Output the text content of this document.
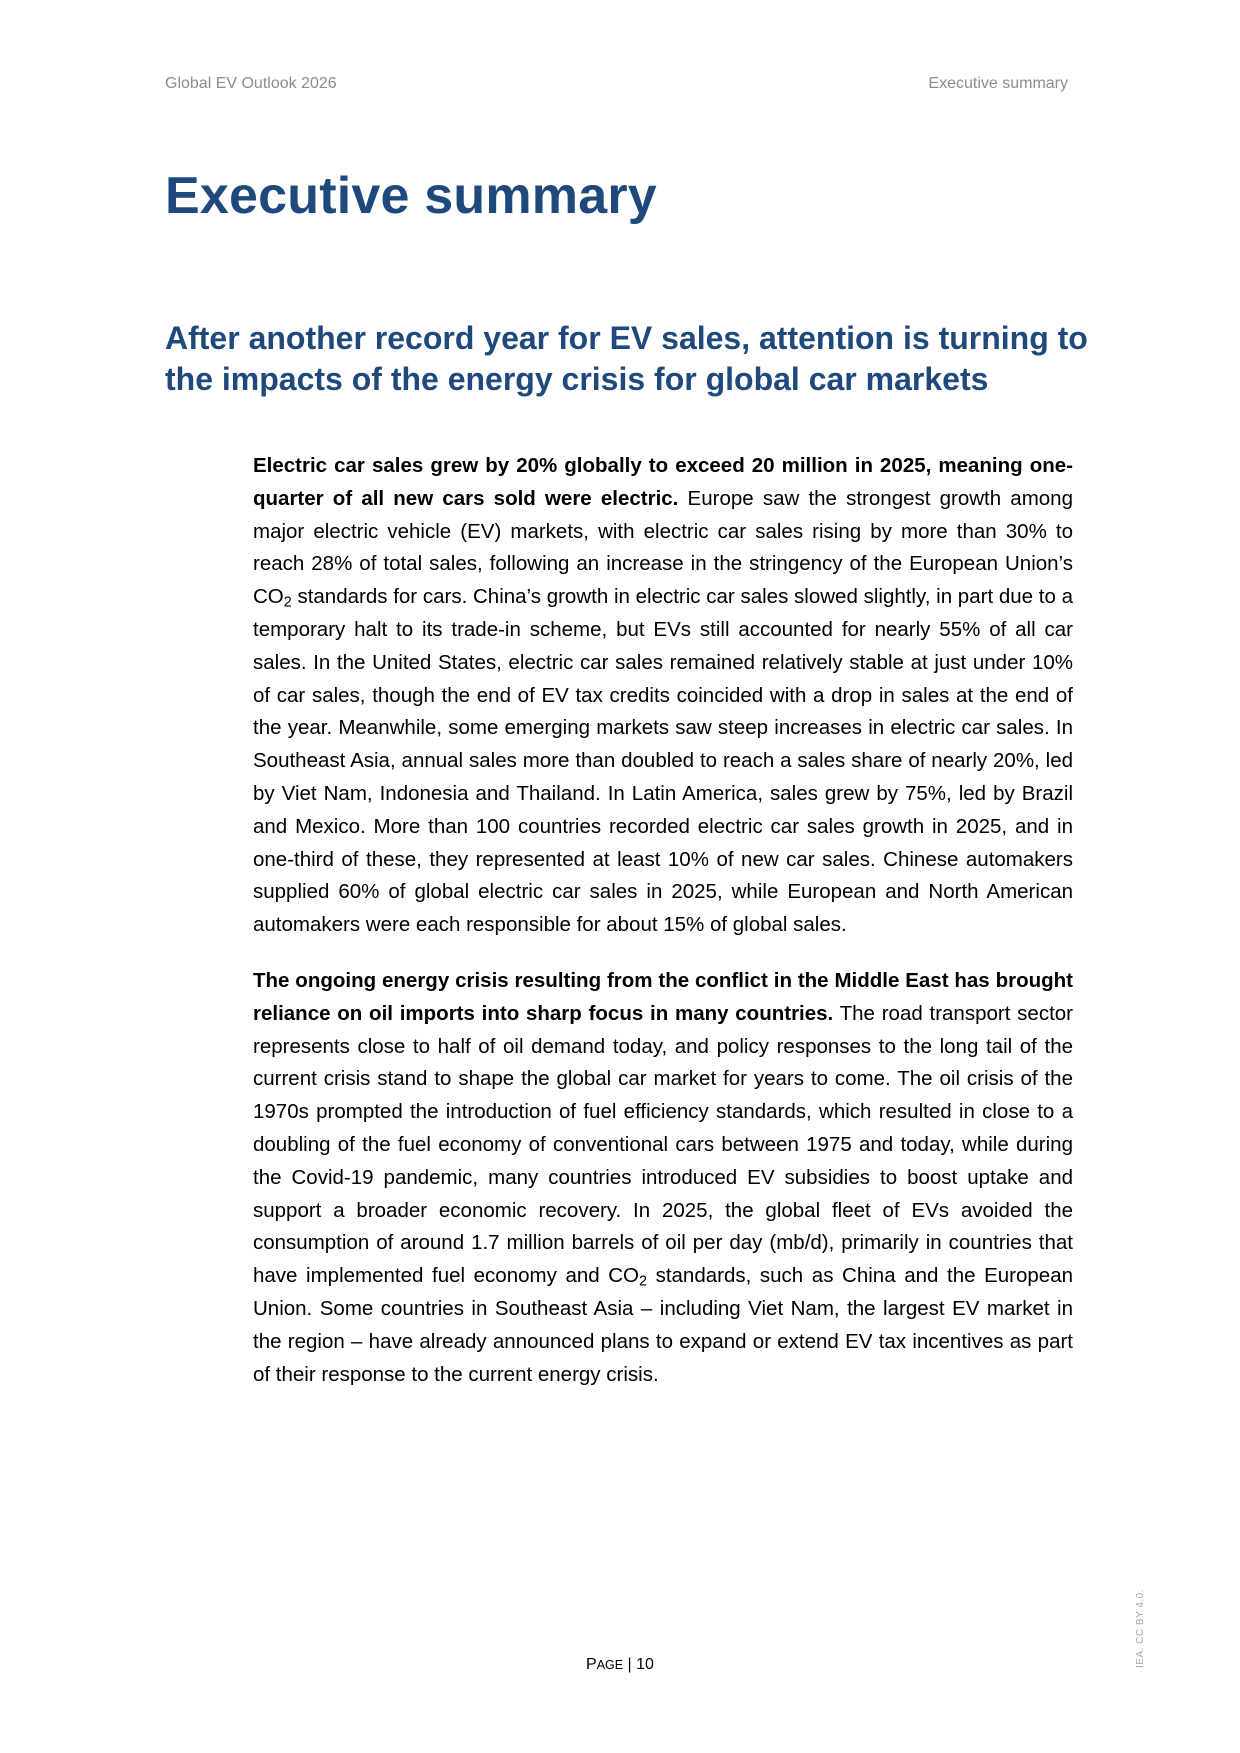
Global EV Outlook 2026	Executive summary
Executive summary
After another record year for EV sales, attention is turning to the impacts of the energy crisis for global car markets

Electric car sales grew by 20% globally to exceed 20 million in 2025, meaning one-quarter of all new cars sold were electric. Europe saw the strongest growth among major electric vehicle (EV) markets, with electric car sales rising by more than 30% to reach 28% of total sales, following an increase in the stringency of the European Union’s $CO_2$ standards for cars. China’s growth in electric car sales slowed slightly, in part due to a temporary halt to its trade-in scheme, but EVs still accounted for nearly 55% of all car sales. In the United States, electric car sales remained relatively stable at just under 10% of car sales, though the end of EV tax credits coincided with a drop in sales at the end of the year. Meanwhile, some emerging markets saw steep increases in electric car sales. In Southeast Asia, annual sales more than doubled to reach a sales share of nearly 20%, led by Viet Nam, Indonesia and Thailand. In Latin America, sales grew by 75%, led by Brazil and Mexico. More than 100 countries recorded electric car sales growth in 2025, and in one-third of these, they represented at least 10% of new car sales. Chinese automakers supplied 60% of global electric car sales in 2025, while European and North American automakers were each responsible for about 15% of global sales.

The ongoing energy crisis resulting from the conflict in the Middle East has brought reliance on oil imports into sharp focus in many countries. The road transport sector represents close to half of oil demand today, and policy responses to the long tail of the current crisis stand to shape the global car market for years to come. The oil crisis of the 1970s prompted the introduction of fuel efficiency standards, which resulted in close to a doubling of the fuel economy of conventional cars between 1975 and today, while during the Covid-19 pandemic, many countries introduced EV subsidies to boost uptake and support a broader economic recovery. In 2025, the global fleet of EVs avoided the consumption of around 1.7 million barrels of oil per day (mb/d), primarily in countries that have implemented fuel economy and $CO_2$ standards, such as China and the European Union. Some countries in Southeast Asia – including Viet Nam, the largest EV market in the region – have already announced plans to expand or extend EV tax incentives as part of their response to the current energy crisis.

PAGE | 10	IEA. CC BY 4.0.
